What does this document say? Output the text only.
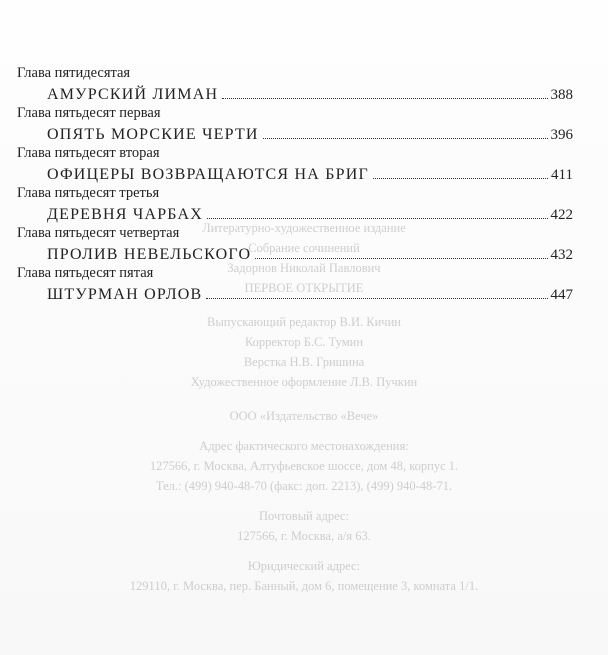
Литературно-художественное издание
Собрание сочинений
Задорнов Николай Павлович
ПЕРВОЕ ОТКРЫТИЕ
Выпускающий редактор В.И. Кичин
Корректор Б.С. Тумин
Верстка Н.В. Гришина
Художественное оформление Л.В. Пучкин
ООО «Издательство «Вече»
Адрес фактического местонахождения:
127566, г. Москва, Алтуфьевское шоссе, дом 48, корпус 1.
Тел.: (499) 940-48-70 (факс: доп. 2213), (499) 940-48-71.
Почтовый адрес:
127566, г. Москва, а/я 63.
Юридический адрес:
129110, г. Москва, пер. Банный, дом 6, помещение 3, комната 1/1.
Глава пятидесятая
АМУРСКИЙ ЛИМАН	388
Глава пятьдесят первая
ОПЯТЬ МОРСКИЕ ЧЕРТИ	396
Глава пятьдесят вторая
ОФИЦЕРЫ ВОЗВРАЩАЮТСЯ НА БРИГ	411
Глава пятьдесят третья
ДЕРЕВНЯ ЧАРБАХ	422
Глава пятьдесят четвертая
ПРОЛИВ НЕВЕЛЬСКОГО	432
Глава пятьдесят пятая
ШТУРМАН ОРЛОВ	447
